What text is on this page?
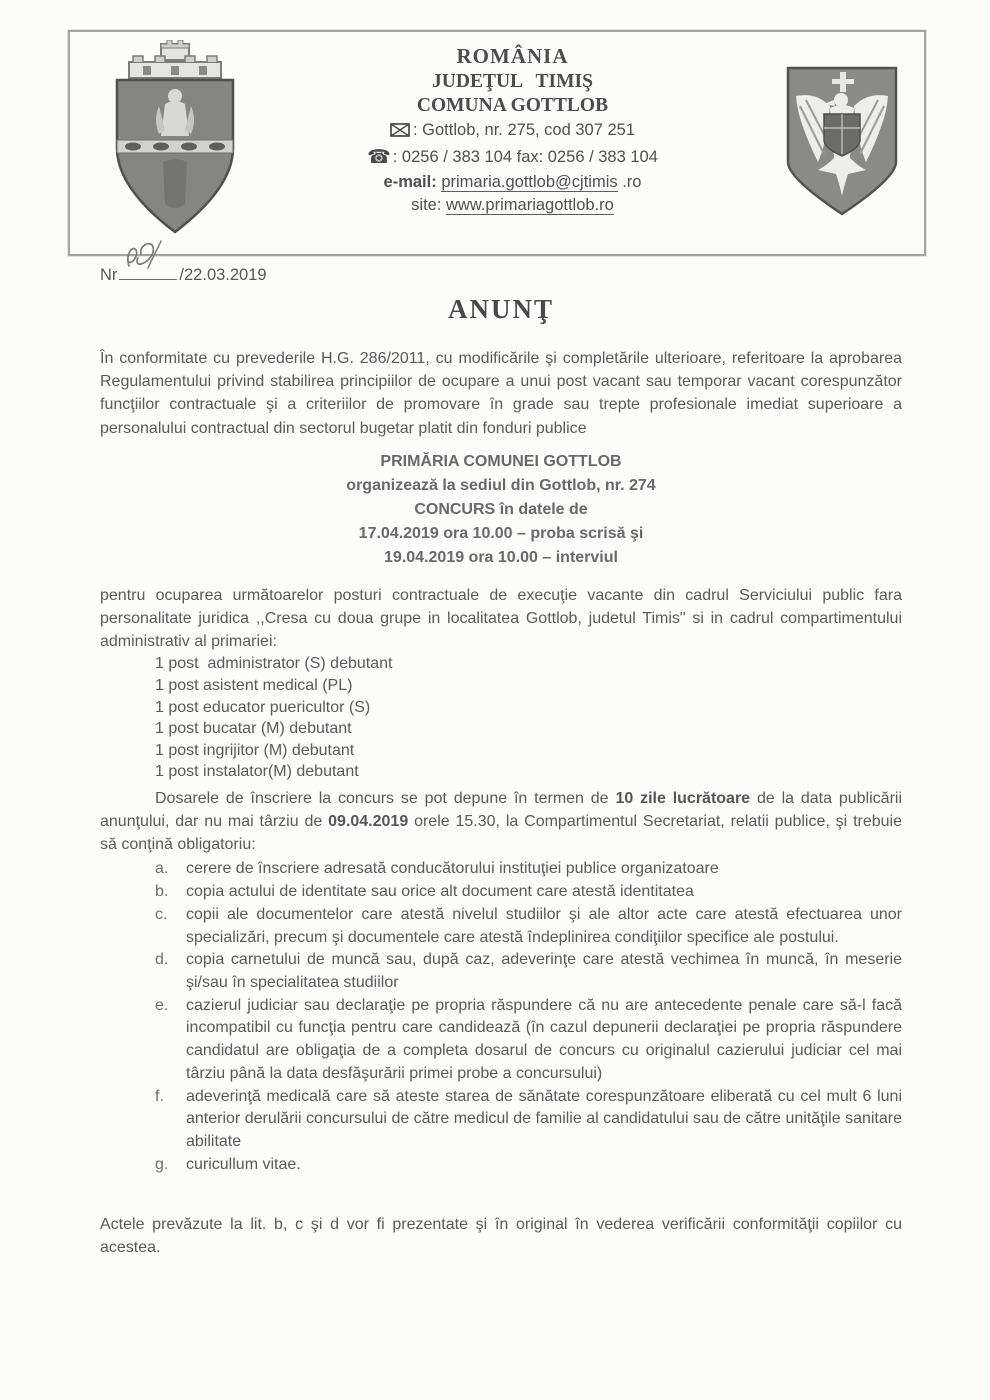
ROMÂNIA
JUDEŢUL TIMIŞ
COMUNA GOTTLOB
: Gottlob, nr. 275, cod 307 251
☎ : 0256 / 383 104 fax: 0256 / 383 104
e-mail: primaria.gottlob@cjtimis .ro
site: www.primariagottlob.ro
Nr	/22.03.2019
ANUNŢ

În conformitate cu prevederile H.G. 286/2011, cu modificările şi completările ulterioare, referitoare la aprobarea Regulamentului privind stabilirea principiilor de ocupare a unui post vacant sau temporar vacant corespunzător funcţiilor contractuale şi a criteriilor de promovare în grade sau trepte profesionale imediat superioare a personalului contractual din sectorul bugetar platit din fonduri publice

PRIMĂRIA COMUNEI GOTTLOB
organizează la sediul din Gottlob, nr. 274
CONCURS în datele de
17.04.2019 ora 10.00 – proba scrisă şi
19.04.2019 ora 10.00 – interviul

pentru ocuparea următoarelor posturi contractuale de execuţie vacante din cadrul Serviciului public fara personalitate juridica ,,Cresa cu doua grupe in localitatea Gottlob, judetul Timis" si in cadrul compartimentului administrativ al primariei:

1 post  administrator (S) debutant
1 post asistent medical (PL)
1 post educator puericultor (S)
1 post bucatar (M) debutant
1 post ingrijitor (M) debutant
1 post instalator(M) debutant

Dosarele de înscriere la concurs se pot depune în termen de 10 zile lucrătoare de la data publicării anunţului, dar nu mai târziu de 09.04.2019 orele 15.30, la Compartimentul Secretariat, relatii publice, şi trebuie să conţină obligatoriu:

a.	cerere de înscriere adresată conducătorului instituţiei publice organizatoare
b.	copia actului de identitate sau orice alt document care atestă identitatea
c.	copii ale documentelor care atestă nivelul studiilor şi ale altor acte care atestă efectuarea unor specializări, precum şi documentele care atestă îndeplinirea condiţiilor specifice ale postului.
d.	copia carnetului de muncă sau, după caz, adeverinţe care atestă vechimea în muncă, în meserie şi/sau în specialitatea studiilor
e.	cazierul judiciar sau declaraţie pe propria răspundere că nu are antecedente penale care să-l facă incompatibil cu funcţia pentru care candidează (în cazul depunerii declaraţiei pe propria răspundere candidatul are obligaţia de a completa dosarul de concurs cu originalul cazierului judiciar cel mai târziu până la data desfăşurării primei probe a concursului)
f.	adeverinţă medicală care să ateste starea de sănătate corespunzătoare eliberată cu cel mult 6 luni anterior derulării concursului de către medicul de familie al candidatului sau de către unităţile sanitare abilitate
g.	curicullum vitae.

Actele prevăzute la lit. b, c şi d vor fi prezentate şi în original în vederea verificării conformităţii copiilor cu acestea.
